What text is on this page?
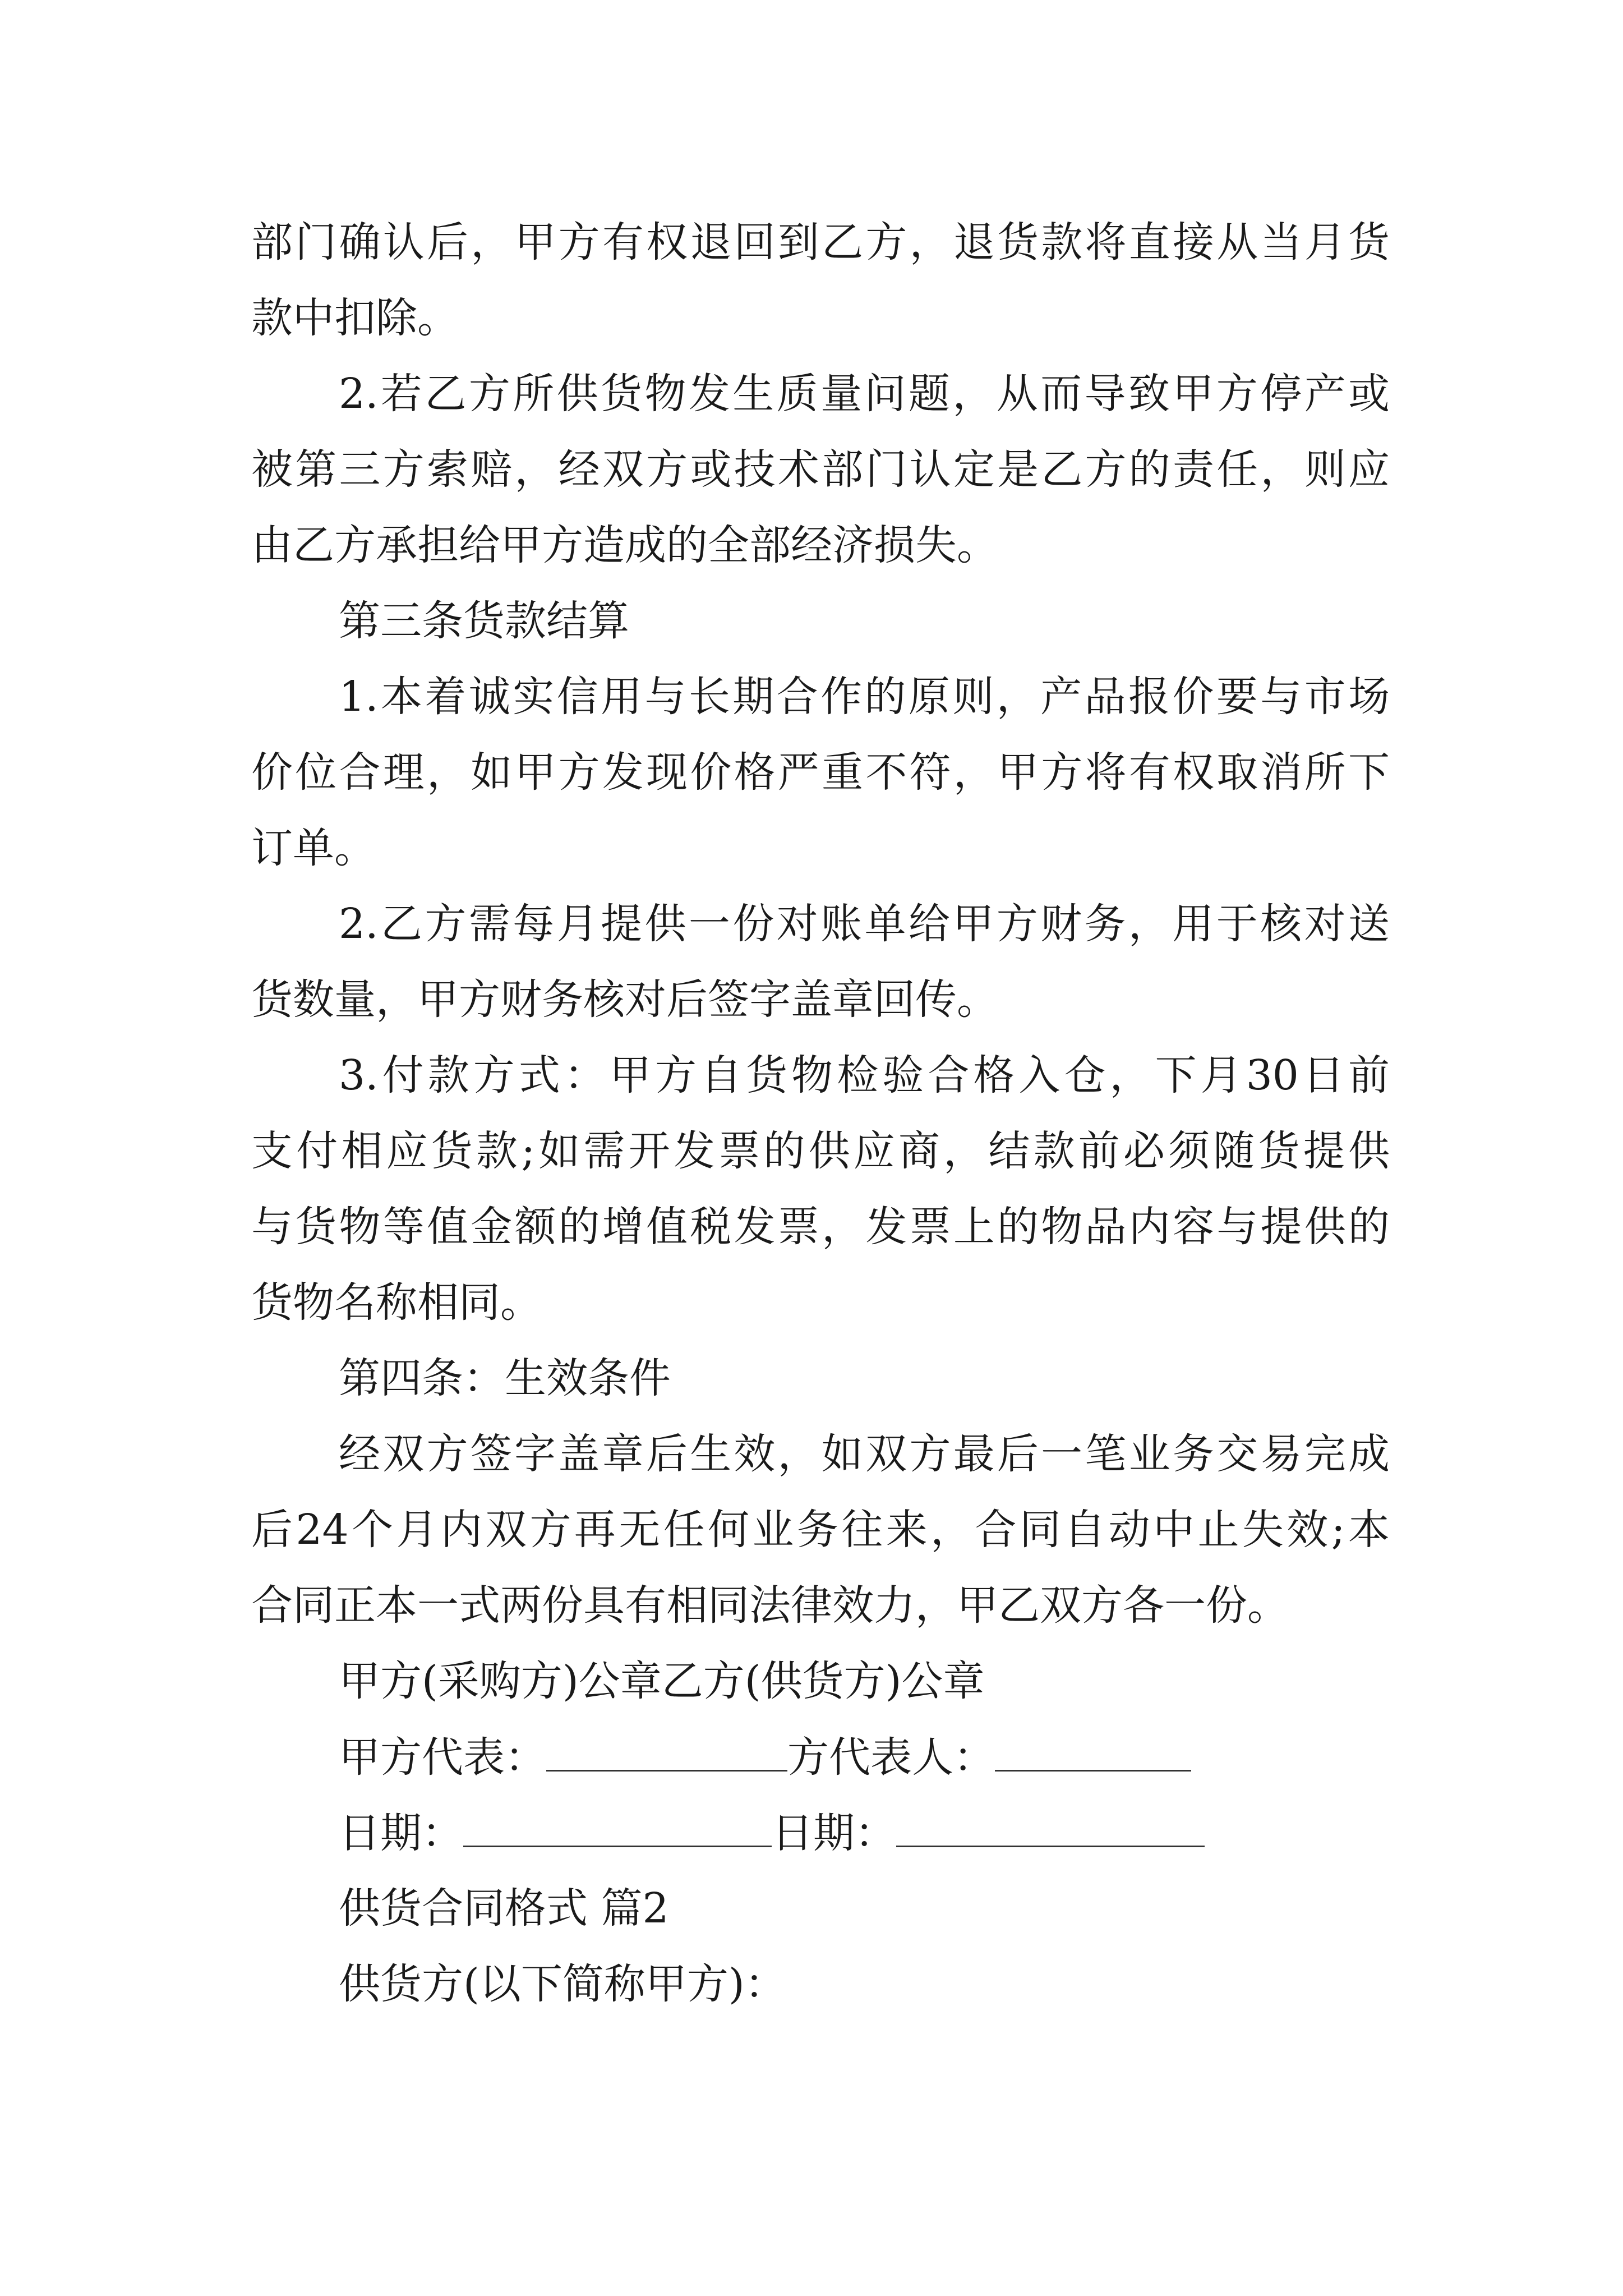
部门确认后，甲方有权退回到乙方，退货款将直接从当月货
款中扣除。
2.若乙方所供货物发生质量问题，从而导致甲方停产或
被第三方索赔，经双方或技术部门认定是乙方的责任，则应
由乙方承担给甲方造成的全部经济损失。
第三条货款结算
1.本着诚实信用与长期合作的原则，产品报价要与市场
价位合理，如甲方发现价格严重不符，甲方将有权取消所下
订单。
2.乙方需每月提供一份对账单给甲方财务，用于核对送
货数量，甲方财务核对后签字盖章回传。
3.付款方式：甲方自货物检验合格入仓，下月30日前
支付相应货款;如需开发票的供应商，结款前必须随货提供
与货物等值金额的增值税发票，发票上的物品内容与提供的
货物名称相同。
第四条：生效条件
经双方签字盖章后生效，如双方最后一笔业务交易完成
后24个月内双方再无任何业务往来，合同自动中止失效;本
合同正本一式两份具有相同法律效力，甲乙双方各一份。
甲方(采购方)公章乙方(供货方)公章
甲方代表：	方代表人：
日期：	日期：
供货合同格式 篇2
供货方(以下简称甲方)：
